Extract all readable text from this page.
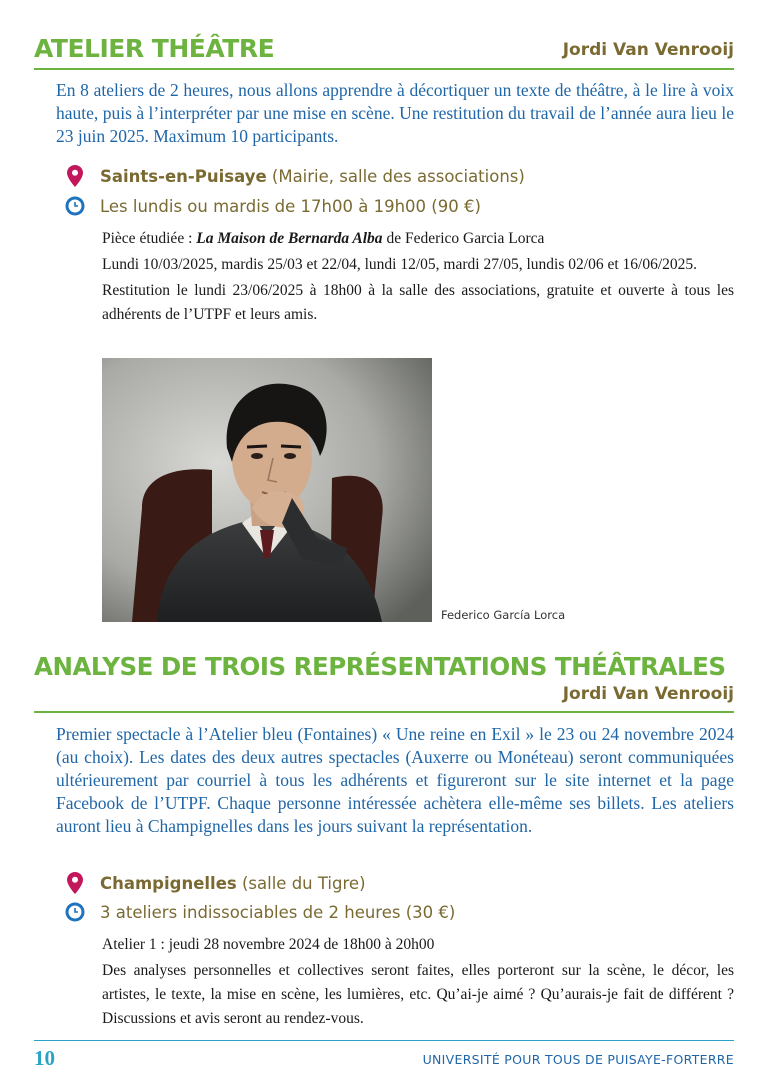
ATELIER THÉÂTRE	Jordi Van Venrooij
En 8 ateliers de 2 heures, nous allons apprendre à décortiquer un texte de théâtre, à le lire à voix haute, puis à l’interpréter par une mise en scène. Une restitution du travail de l’année aura lieu le 23 juin 2025. Maximum 10 participants.
Saints-en-Puisaye (Mairie, salle des associations)
Les lundis ou mardis de 17h00 à 19h00 (90 €)

Pièce étudiée : La Maison de Bernarda Alba de Federico Garcia Lorca

Lundi 10/03/2025, mardis 25/03 et 22/04, lundi 12/05, mardi 27/05, lundis 02/06 et 16/06/2025.

Restitution le lundi 23/06/2025 à 18h00 à la salle des associations, gratuite et ouverte à tous les adhérents de l’UTPF et leurs amis.

Federico García Lorca
ANALYSE DE TROIS REPRÉSENTATIONS THÉÂTRALES
Jordi Van Venrooij
Premier spectacle à l’Atelier bleu (Fontaines) « Une reine en Exil » le 23 ou 24 novembre 2024 (au choix). Les dates des deux autres spectacles (Auxerre ou Monéteau) seront communiquées ultérieurement par courriel à tous les adhérents et figureront sur le site internet et la page Facebook de l’UTPF. Chaque personne intéressée achètera elle-même ses billets. Les ateliers auront lieu à Champignelles dans les jours suivant la représentation.
Champignelles (salle du Tigre)
3 ateliers indissociables de 2 heures (30 €)

Atelier 1 : jeudi 28 novembre 2024 de 18h00 à 20h00

Des analyses personnelles et collectives seront faites, elles porteront sur la scène, le décor, les artistes, le texte, la mise en scène, les lumières, etc. Qu’ai-je aimé ? Qu’aurais-je fait de différent ? Discussions et avis seront au rendez-vous.

10	UNIVERSITÉ POUR TOUS DE PUISAYE-FORTERRE
